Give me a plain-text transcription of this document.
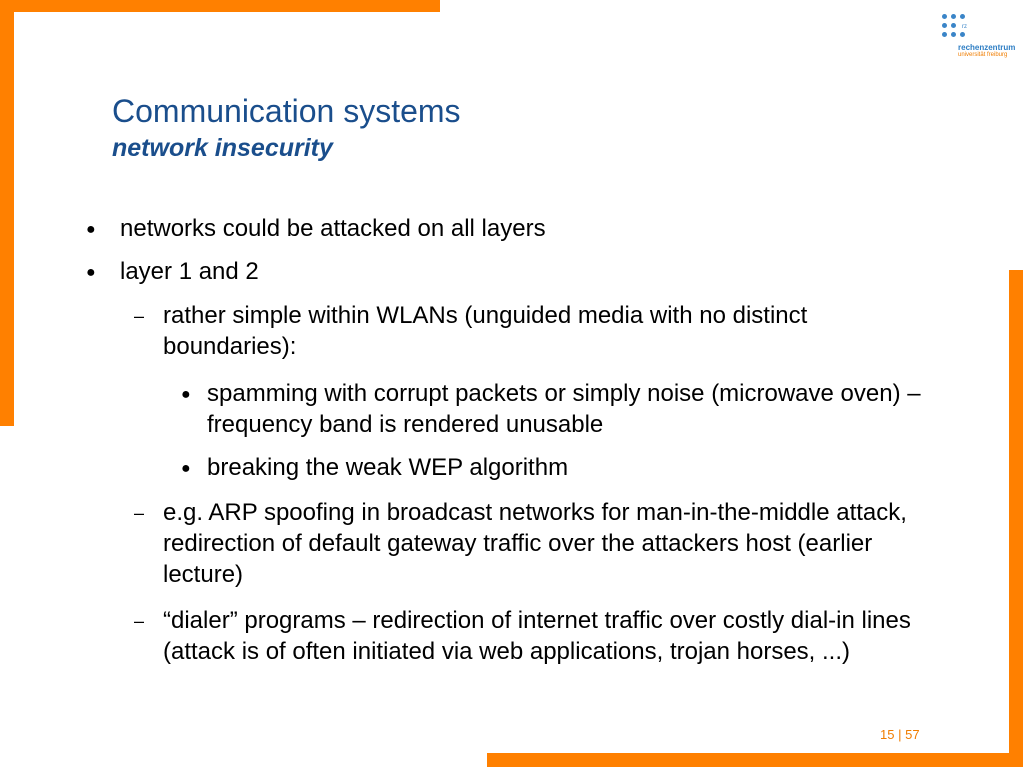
rz
rechenzentrum
universität freiburg
Communication systems
network insecurity
● networks could be attacked on all layers
● layer 1 and 2
– rather simple within WLANs (unguided media with no distinct boundaries):
● spamming with corrupt packets or simply noise (microwave oven) – frequency band is rendered unusable
● breaking the weak WEP algorithm
– e.g. ARP spoofing in broadcast networks for man-in-the-middle attack, redirection of default gateway traffic over the attackers host (earlier lecture)
– “dialer” programs – redirection of internet traffic over costly dial-in lines (attack is of often initiated via web applications, trojan horses, ...)
15 | 57
